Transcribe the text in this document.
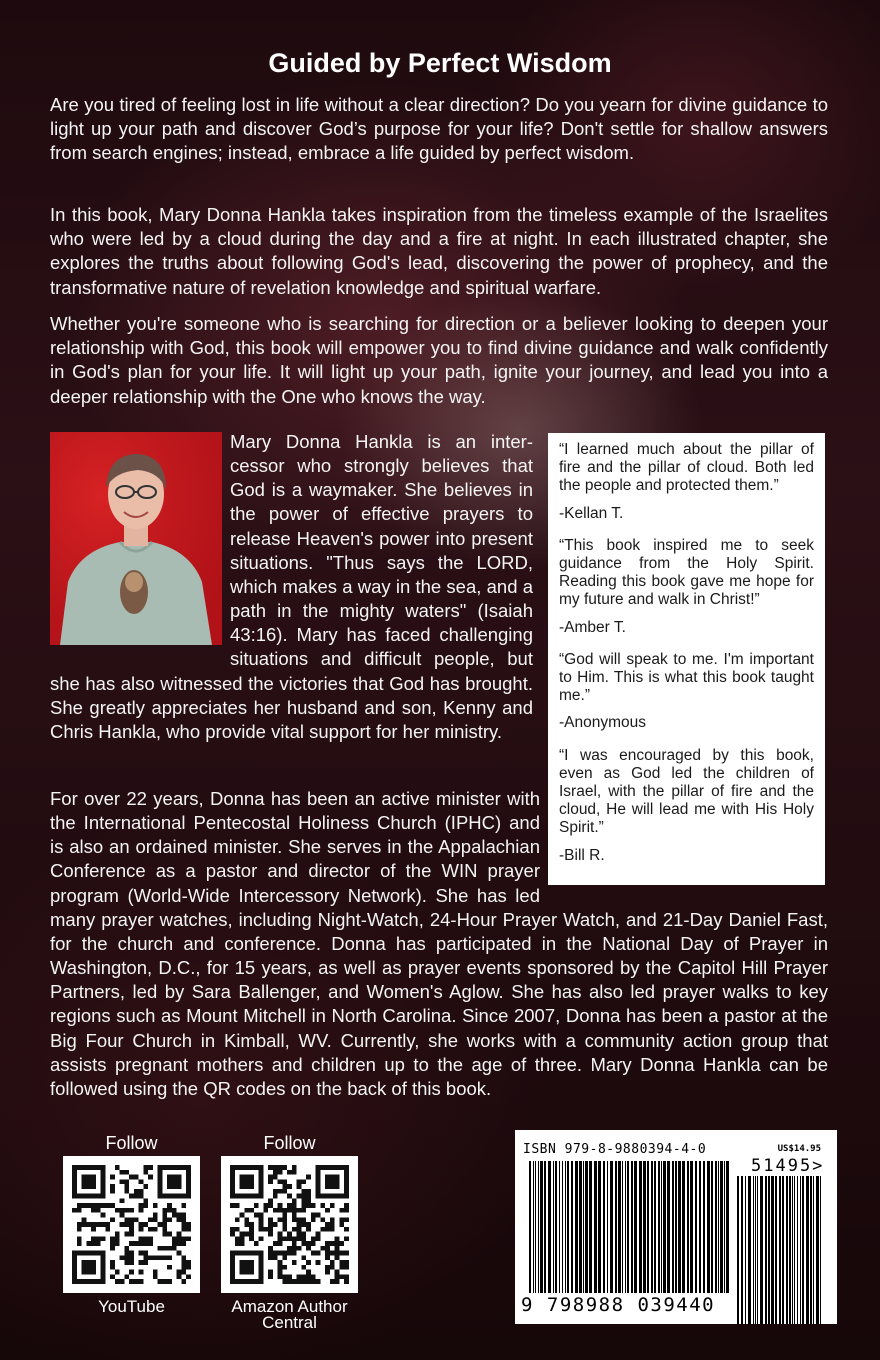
Guided by Perfect Wisdom
Are you tired of feeling lost in life without a clear direction? Do you yearn for divine guidance to light up your path and discover God’s purpose for your life? Don't settle for shallow answers from search engines; instead, embrace a life guided by perfect wisdom.
In this book, Mary Donna Hankla takes inspiration from the timeless example of the Israelites who were led by a cloud during the day and a fire at night. In each illustrated chapter, she explores the truths about following God's lead, discovering the power of prophecy, and the transformative nature of revelation knowledge and spiritual warfare.
Whether you're someone who is searching for direction or a believer looking to deepen your relationship with God, this book will empower you to find divine guidance and walk confidently in God's plan for your life. It will light up your path, ignite your journey, and lead you into a deeper relationship with the One who knows the way.

Mary Donna Hankla is an intercessor who strongly believes that God is a waymaker. She believes in the power of effective prayers to release Heaven's power into present situations. "Thus says the LORD, which makes a way in the sea, and a path in the mighty waters" (Isaiah 43:16). Mary has faced challenging situations and difficult people, but she has also witnessed the victories that God has brought. She greatly appreciates her husband and son, Kenny and Chris Hankla, who provide vital support for her ministry.

“I learned much about the pillar of fire and the pillar of cloud. Both led the people and protected them.”
-Kellan T.
“This book inspired me to seek guidance from the Holy Spirit. Reading this book gave me hope for my future and walk in Christ!”
-Amber T.
“God will speak to me. I'm important to Him. This is what this book taught me.”
-Anonymous
“I was encouraged by this book, even as God led the children of Israel, with the pillar of fire and the cloud, He will lead me with His Holy Spirit.”
-Bill R.
For over 22 years, Donna has been an active minister with the International Pentecostal Holiness Church (IPHC) and is also an ordained minister. She serves in the Appalachian Conference as a pastor and director of the WIN prayer program (World-Wide Intercessory Network). She has led many prayer watches, including Night-Watch, 24-Hour Prayer Watch, and 21-Day Daniel Fast, for the church and conference. Donna has participated in the National Day of Prayer in Washington, D.C., for 15 years, as well as prayer events sponsored by the Capitol Hill Prayer Partners, led by Sara Ballenger, and Women's Aglow. She has also led prayer walks to key regions such as Mount Mitchell in North Carolina. Since 2007, Donna has been a pastor at the Big Four Church in Kimball, WV. Currently, she works with a community action group that assists pregnant mothers and children up to the age of three. Mary Donna Hankla can be followed using the QR codes on the back of this book.
Follow
YouTube
Follow
Amazon Author Central
ISBN 979-8-9880394-4-0	US$14.95
51495>
9 798988 039440
